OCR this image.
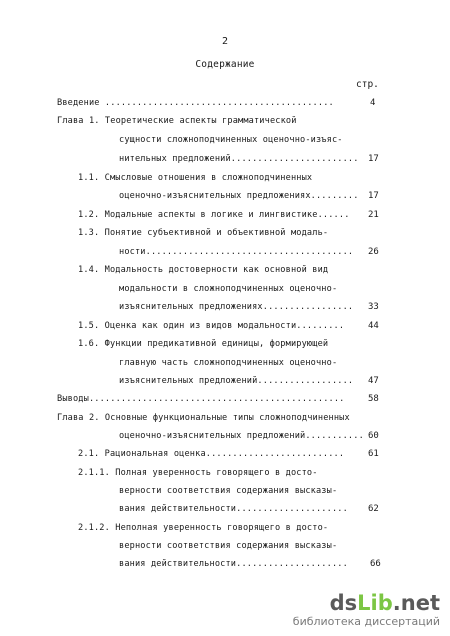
2
Содержание
стр.
Введение ...........................................	4
Глава 1. Теоретические аспекты грамматической
сущности сложноподчиненных оценочно-изъяс-
нительных предложений........................ 17
1.1. Смысловые отношения в сложноподчиненных
оценочно-изъяснительных предложениях......... 17
1.2. Модальные аспекты в логике и лингвистике...... 21
1.3. Понятие субъективной и объективной модаль-
ности....................................... 26
1.4. Модальность достоверности как основной вид
модальности в сложноподчиненных оценочно-
изъяснительных предложениях................. 33
1.5. Оценка как один из видов модальности.........	44
1.6. Функции предикативной единицы, формирующей
главную часть сложноподчиненных оценочно-
изъяснительных предложений.................. 47
Выводы................................................	58
Глава 2. Основные функциональные типы сложноподчиненных
оценочно-изъяснительных предложений........... 60
2.1. Рациональная оценка..........................	61
2.1.1. Полная уверенность говорящего в досто-
верности соответствия содержания высказы-
вания действительности..................... 62
2.1.2. Неполная уверенность говорящего в досто-
верности соответствия содержания высказы-
вания действительности..................... 66
dsLib.net
библиотека диссертаций
